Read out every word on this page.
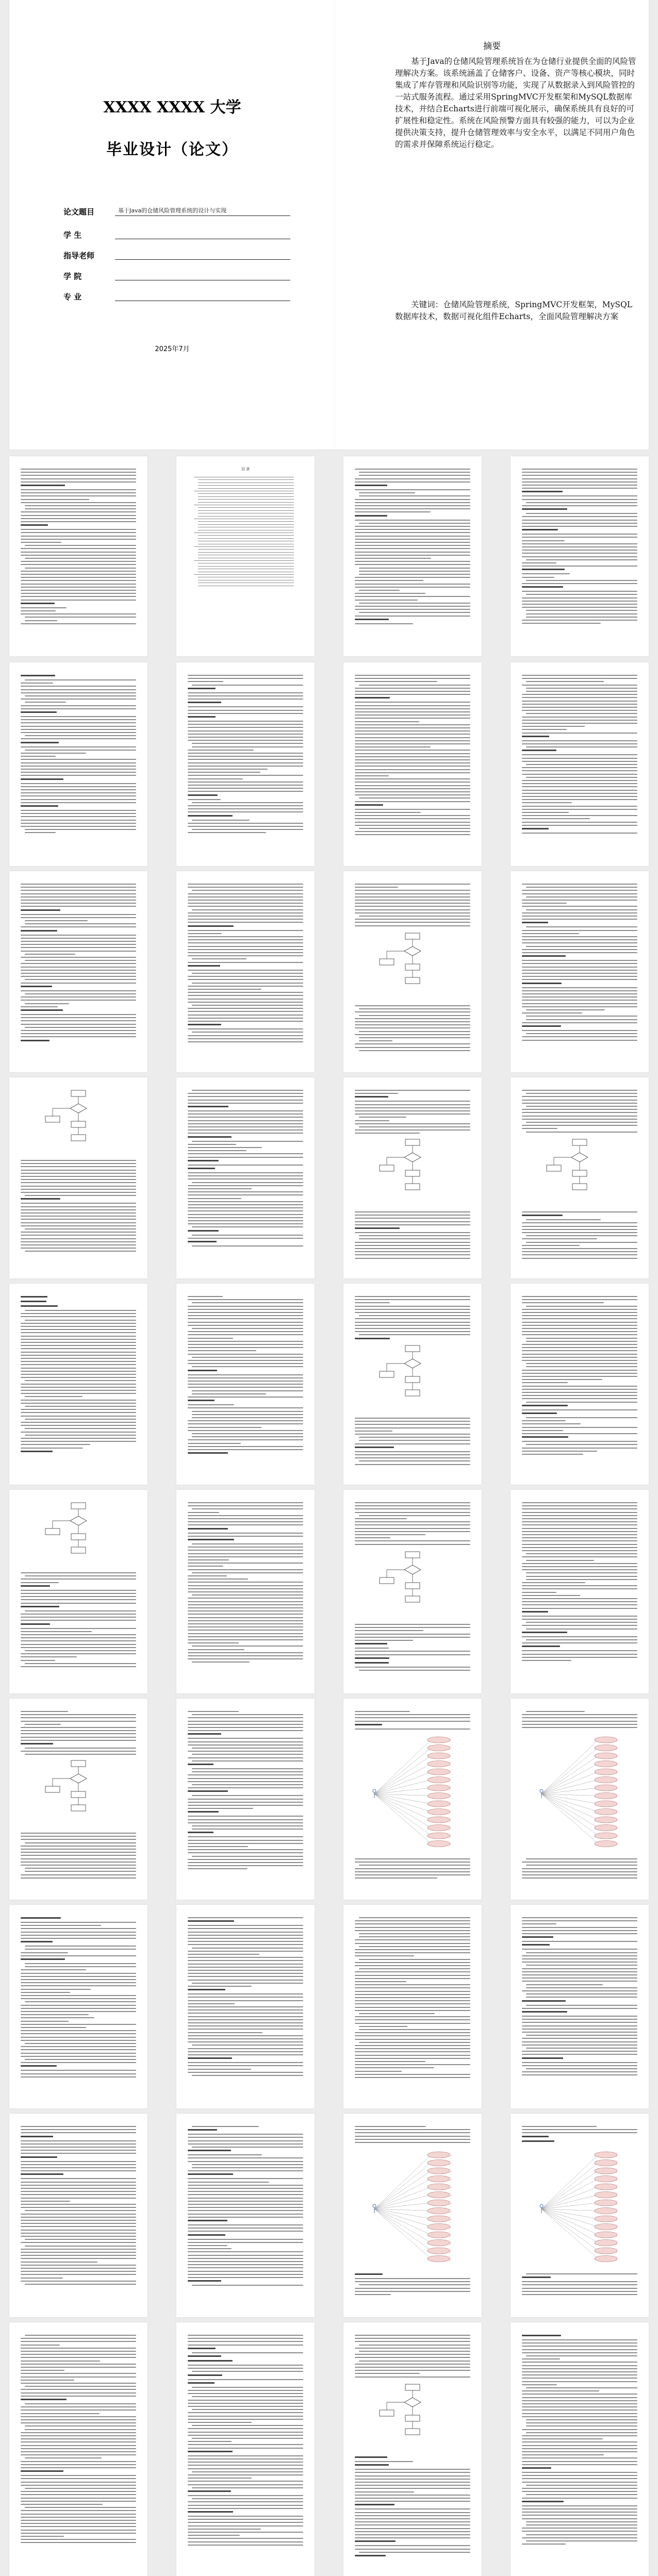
XXXX XXXX 大学
毕业设计（论文）
论文题目	基于Java的仓储风险管理系统的设计与实现
学 生
指导老师
学 院
专 业
2025年7月
摘要

基于Java的仓储风险管理系统旨在为仓储行业提供全面的风险管理解决方案。该系统涵盖了仓储客户、设备、资产等核心模块，同时集成了库存管理和风险识别等功能，实现了从数据录入到风险管控的一站式服务流程。通过采用SpringMVC开发框架和MySQL数据库技术，并结合Echarts进行前端可视化展示，确保系统具有良好的可扩展性和稳定性。系统在风险预警方面具有较强的能力，可以为企业提供决策支持，提升仓储管理效率与安全水平，以满足不同用户角色的需求并保障系统运行稳定。

关键词：仓储风险管理系统，SpringMVC开发框架，MySQL数据库技术，数据可视化组件Echarts，全面风险管理解决方案

目 录
